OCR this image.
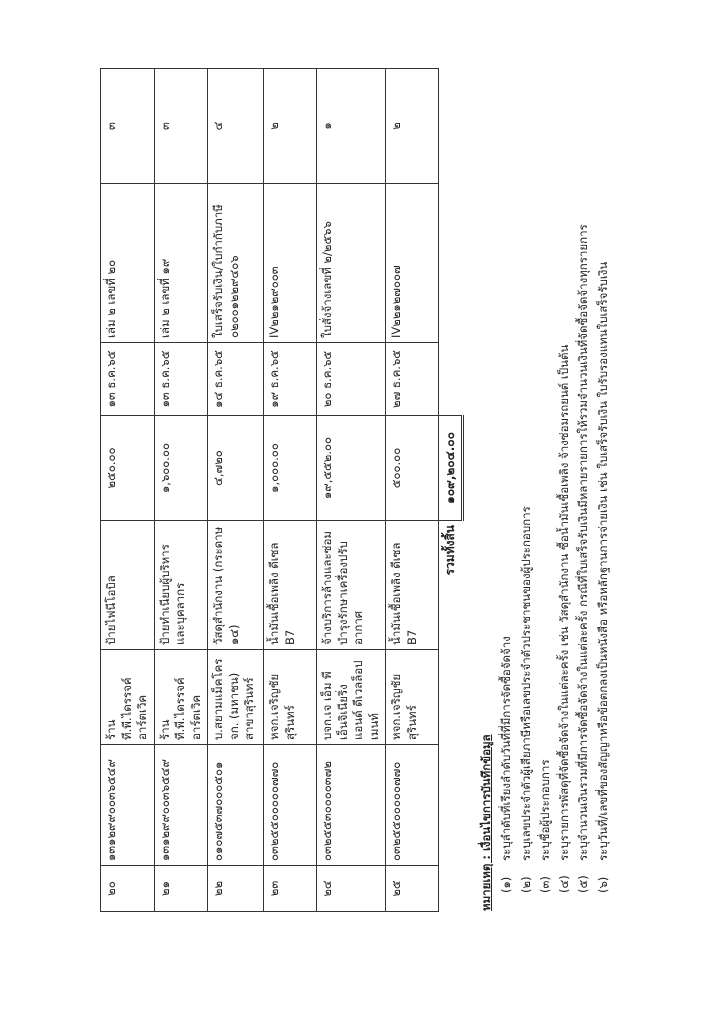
๒๐	๑๓๑๒๙๙๐๐๓๖๕๔๙	ร้าน ที.พี.ไดรรจค์ อาร์ตเวิค	ป้ายไฟนีโอบิล	๒๕๐.๐๐	๑๓ ธ.ค.๖๕	เล่ม ๒ เลขที่ ๒๐	๓
๒๑	๑๓๑๒๙๙๐๐๓๖๕๔๙	ร้าน ที.พี.ไดรรจค์ อาร์ตเวิค	ป้ายทำเนียบผู้บริหารและบุคลากร	๑,๖๐๐.๐๐	๑๓ ธ.ค.๖๕	เล่ม ๒ เลขที่ ๑๙	๓
๒๒	๐๑๐๗๕๓๗๐๐๐๕๐๑	บ.สยามแม็คโคร จก. (มหาชน) สาขาสุรินทร์	วัสดุสำนักงาน (กระดาษ ๑๔)	๔,๗๒๐	๑๔ ธ.ค.๖๕	ใบเสร็จรับเงิน/ใบกำกับภาษี ๐๒๐๐๑๒๒๙๔๐๖	๔
๒๓	๐๓๒๕๕๐๐๐๐๐๗๗๐	หจก.เจริญชัย สุรินทร์	น้ำมันเชื้อเพลิง ดีเซล B7	๑,๐๐๐.๐๐	๑๙ ธ.ค.๖๕	IV๒๒๑๒๙๐๐๓	๒
๒๔	๐๓๒๕๕๓๐๐๐๐๓๗๒	บจก.เจ เอ็ม พี เอ็นจิเนียริ่ง แอนด์ ดีเวลล็อปเมนท์	จ้างบริการล้างและซ่อมบำรุงรักษาเครื่องปรับอากาศ	๑๙,๕๕๒.๐๐	๒๐ ธ.ค.๖๕	ใบสั่งจ้างเลขที่ ๒/๒๕๖๖	๑
๒๕	๐๓๒๕๕๐๐๐๐๐๗๗๐	หจก.เจริญชัย สุรินทร์	น้ำมันเชื้อเพลิง ดีเซล B7	๕๐๐.๐๐	๒๗ ธ.ค.๖๕	IV๒๒๑๒๗๐๐๗	๒
			รวมทั้งสิ้น	๑๐๙,๒๐๔.๐๐			
หมายเหตุ : เงื่อนไขการบันทึกข้อมูล (๑)ระบุลำดับที่เรียงลำดับวันที่ที่มีการจัดซื้อจัดจ้าง
(๒)ระบุเลขประจำตัวผู้เสียภาษีหรือเลขประจำตัวประชาชนของผู้ประกอบการ
(๓)ระบุชื่อผู้ประกอบการ
(๔)ระบุรายการพัสดุที่จัดซื้อจัดจ้างในแต่ละครั้ง เช่น วัสดุสำนักงาน ซื้อน้ำมันเชื้อเพลิง จ้างซ่อมรถยนต์ เป็นต้น
(๕)ระบุจำนวนเงินรวมที่มีการจัดซื้อจัดจ้างในแต่ละครั้ง กรณีที่ใบเสร็จรับเงินมีหลายรายการให้รวมจำนวนเงินที่จัดซื้อจัดจ้างทุกรายการ
(๖)ระบุวันที่/เลขที่ของสัญญาหรือข้อตกลงเป็นหนังสือ หรือหลักฐานการจ่ายเงิน เช่น ใบเสร็จรับเงิน ใบรับรองแทนใบเสร็จรับเงิน
